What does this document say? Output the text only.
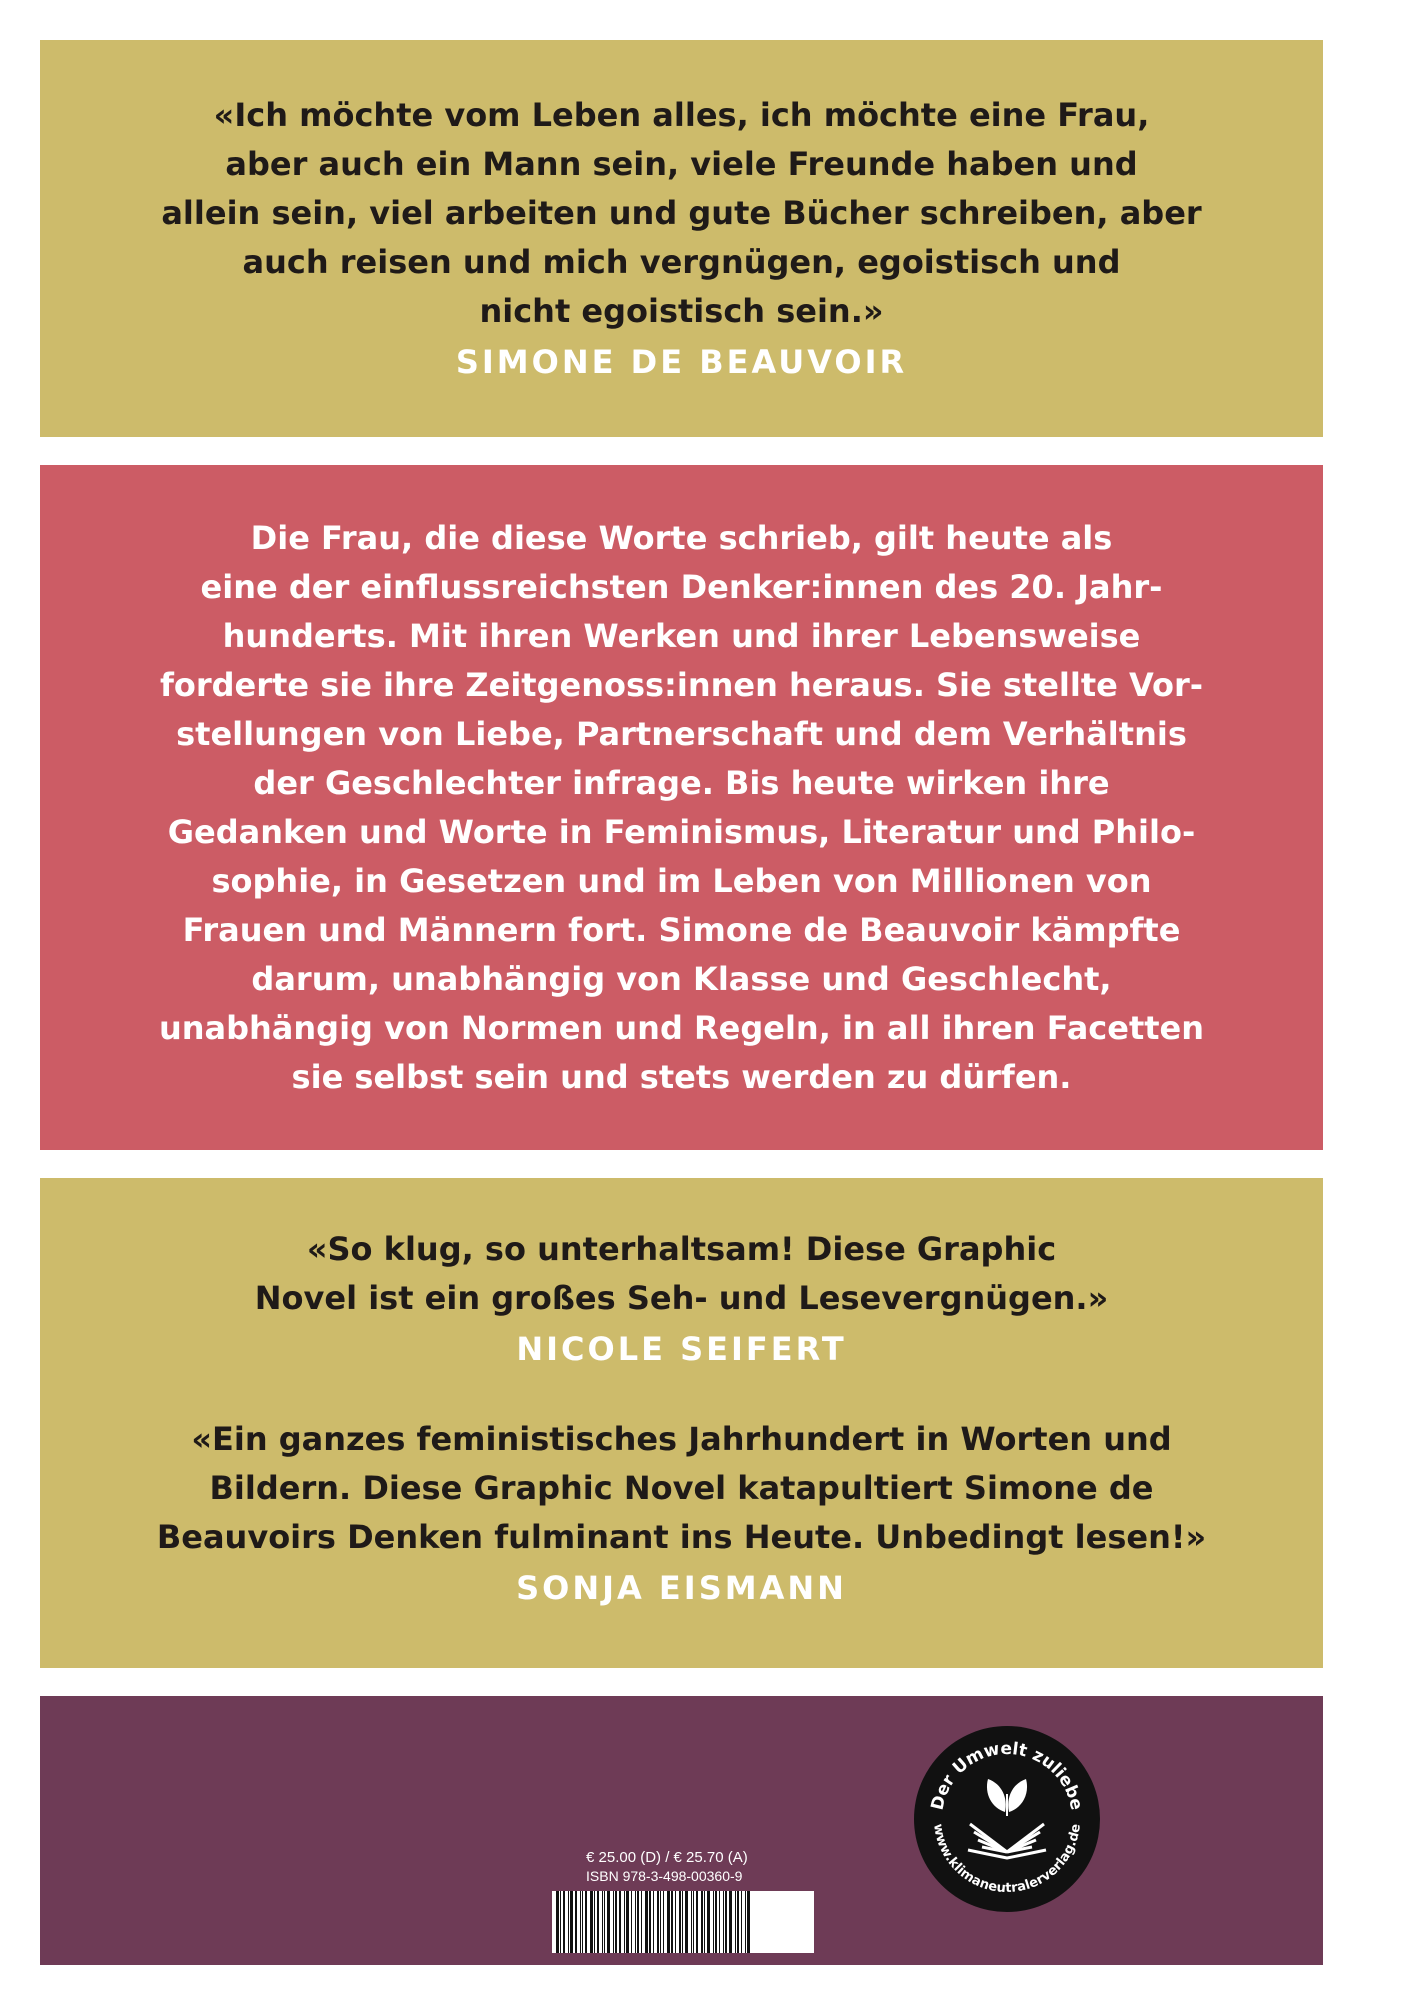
«Ich möchte vom Leben alles, ich möchte eine Frau,
aber auch ein Mann sein, viele Freunde haben und
allein sein, viel arbeiten und gute Bücher schreiben, aber
auch reisen und mich vergnügen, egoistisch und
nicht egoistisch sein.»

SIMONE DE BEAUVOIR

Die Frau, die diese Worte schrieb, gilt heute als
eine der einflussreichsten Denker:innen des 20. Jahr-
hunderts. Mit ihren Werken und ihrer Lebensweise
forderte sie ihre Zeitgenoss:innen heraus. Sie stellte Vor-
stellungen von Liebe, Partnerschaft und dem Verhältnis
der Geschlechter infrage. Bis heute wirken ihre
Gedanken und Worte in Feminismus, Literatur und Philo-
sophie, in Gesetzen und im Leben von Millionen von
Frauen und Männern fort. Simone de Beauvoir kämpfte
darum, unabhängig von Klasse und Geschlecht,
unabhängig von Normen und Regeln, in all ihren Facetten
sie selbst sein und stets werden zu dürfen.

«So klug, so unterhaltsam! Diese Graphic
Novel ist ein großes Seh- und Lesevergnügen.»

NICOLE SEIFERT

«Ein ganzes feministisches Jahrhundert in Worten und
Bildern. Diese Graphic Novel katapultiert Simone de
Beauvoirs Denken fulminant ins Heute. Unbedingt lesen!»

SONJA EISMANN

€ 25.00 (D) / € 25.70 (A)

ISBN 978-3-498-00360-9

Der Umwelt zuliebe
www.klimaneutralerverlag.de
